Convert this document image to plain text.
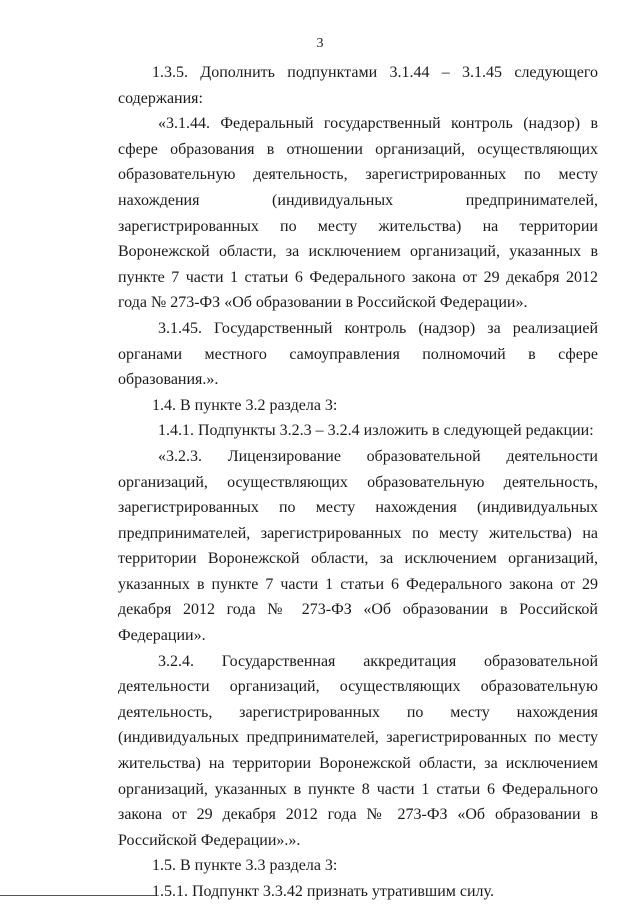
3

1.3.5. Дополнить подпунктами 3.1.44 – 3.1.45 следующего содержания:

«3.1.44. Федеральный государственный контроль (надзор) в сфере образования в отношении организаций, осуществляющих образовательную деятельность, зарегистрированных по месту нахождения (индивидуальных предпринимателей, зарегистрированных по месту жительства) на территории Воронежской области, за исключением организаций, указанных в пункте 7 части 1 статьи 6 Федерального закона от 29 декабря 2012 года № 273-ФЗ «Об образовании в Российской Федерации».

3.1.45. Государственный контроль (надзор) за реализацией органами местного самоуправления полномочий в сфере образования.».

1.4. В пункте 3.2 раздела 3:

1.4.1. Подпункты 3.2.3 – 3.2.4 изложить в следующей редакции:

«3.2.3. Лицензирование образовательной деятельности организаций, осуществляющих образовательную деятельность, зарегистрированных по месту нахождения (индивидуальных предпринимателей, зарегистрированных по месту жительства) на территории Воронежской области, за исключением организаций, указанных в пункте 7 части 1 статьи 6 Федерального закона от 29 декабря 2012 года № 273-ФЗ «Об образовании в Российской Федерации».

3.2.4. Государственная аккредитация образовательной деятельности организаций, осуществляющих образовательную деятельность, зарегистрированных по месту нахождения (индивидуальных предпринимателей, зарегистрированных по месту жительства) на территории Воронежской области, за исключением организаций, указанных в пункте 8 части 1 статьи 6 Федерального закона от 29 декабря 2012 года № 273-ФЗ «Об образовании в Российской Федерации».».

1.5. В пункте 3.3 раздела 3:

1.5.1. Подпункт 3.3.42 признать утратившим силу.
